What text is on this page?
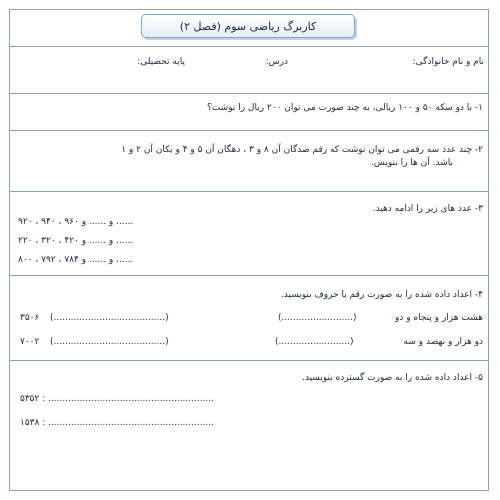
کاربرگ ریاضی سوم (فصل ۲)
نام و نام خانوادگی:
درس:
پایه تحصیلی:
۱- با دو سکه ۵۰ و ۱۰۰ ریالی، به چند صورت می توان ۲۰۰ ریال را نوشت؟
۲- چند عدد سه رقمی می توان نوشت که رقم صدگان آن ۸ و ۳ ، دهگان آن ۵ و ۴ و یکان آن ۲ و ۱
باشد. آن ها را بنویس.
۳- عدد های زیر را ادامه دهید.
...... و ...... و ۹۶۰ ، ۹۴۰ ، ۹۲۰
...... و ...... و ۴۲۰ ، ۳۲۰ ، ۲۲۰
...... و ...... و ۷۸۴ ، ۷۹۲ ، ۸۰۰
۴- اعداد داده شده را به صورت رقم یا حروف بنویسید.
هشت هزار و پنجاه و دو
(.........................)
۳۵۰۶ (.......................................)
دو هزار و نهصد و سه
(.........................)
۷۰۰۲ (.......................................)
۵- اعداد داده شده را به صورت گسترده بنویسید.
۵۳۵۲ : ..........................................................
۱۵۳۸ : ..........................................................
